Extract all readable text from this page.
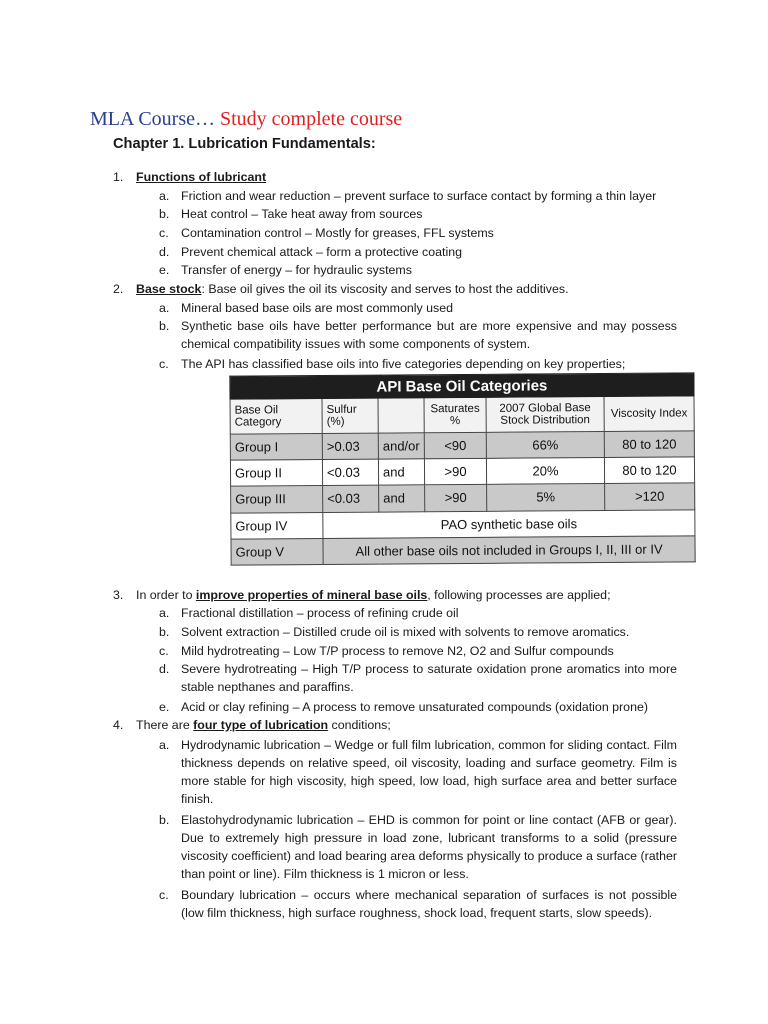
MLA Course… Study complete course
Chapter 1. Lubrication Fundamentals:
1. Functions of lubricant
a. Friction and wear reduction – prevent surface to surface contact by forming a thin layer
b. Heat control – Take heat away from sources
c. Contamination control – Mostly for greases, FFL systems
d. Prevent chemical attack – form a protective coating
e. Transfer of energy – for hydraulic systems
2. Base stock: Base oil gives the oil its viscosity and serves to host the additives.
a. Mineral based base oils are most commonly used
b. Synthetic base oils have better performance but are more expensive and may possess chemical compatibility issues with some components of system.
c. The API has classified base oils into five categories depending on key properties;
API Base Oil Categories					
Base Oil Category	Sulfur (%)		Saturates %	2007 Global Base Stock Distribution	Viscosity Index
Group I	>0.03	and/or	<90	66%	80 to 120
Group II	<0.03	and	>90	20%	80 to 120
Group III	<0.03	and	>90	5%	>120
Group IV	PAO synthetic base oils				
Group V	All other base oils not included in Groups I, II, III or IV				
3. In order to improve properties of mineral base oils, following processes are applied;
a. Fractional distillation – process of refining crude oil
b. Solvent extraction – Distilled crude oil is mixed with solvents to remove aromatics.
c. Mild hydrotreating – Low T/P process to remove N2, O2 and Sulfur compounds
d. Severe hydrotreating – High T/P process to saturate oxidation prone aromatics into more stable nepthanes and paraffins.
e. Acid or clay refining – A process to remove unsaturated compounds (oxidation prone)
4. There are four type of lubrication conditions;
a. Hydrodynamic lubrication – Wedge or full film lubrication, common for sliding contact. Film thickness depends on relative speed, oil viscosity, loading and surface geometry. Film is more stable for high viscosity, high speed, low load, high surface area and better surface finish.
b. Elastohydrodynamic lubrication – EHD is common for point or line contact (AFB or gear). Due to extremely high pressure in load zone, lubricant transforms to a solid (pressure viscosity coefficient) and load bearing area deforms physically to produce a surface (rather than point or line). Film thickness is 1 micron or less.
c. Boundary lubrication – occurs where mechanical separation of surfaces is not possible (low film thickness, high surface roughness, shock load, frequent starts, slow speeds).
